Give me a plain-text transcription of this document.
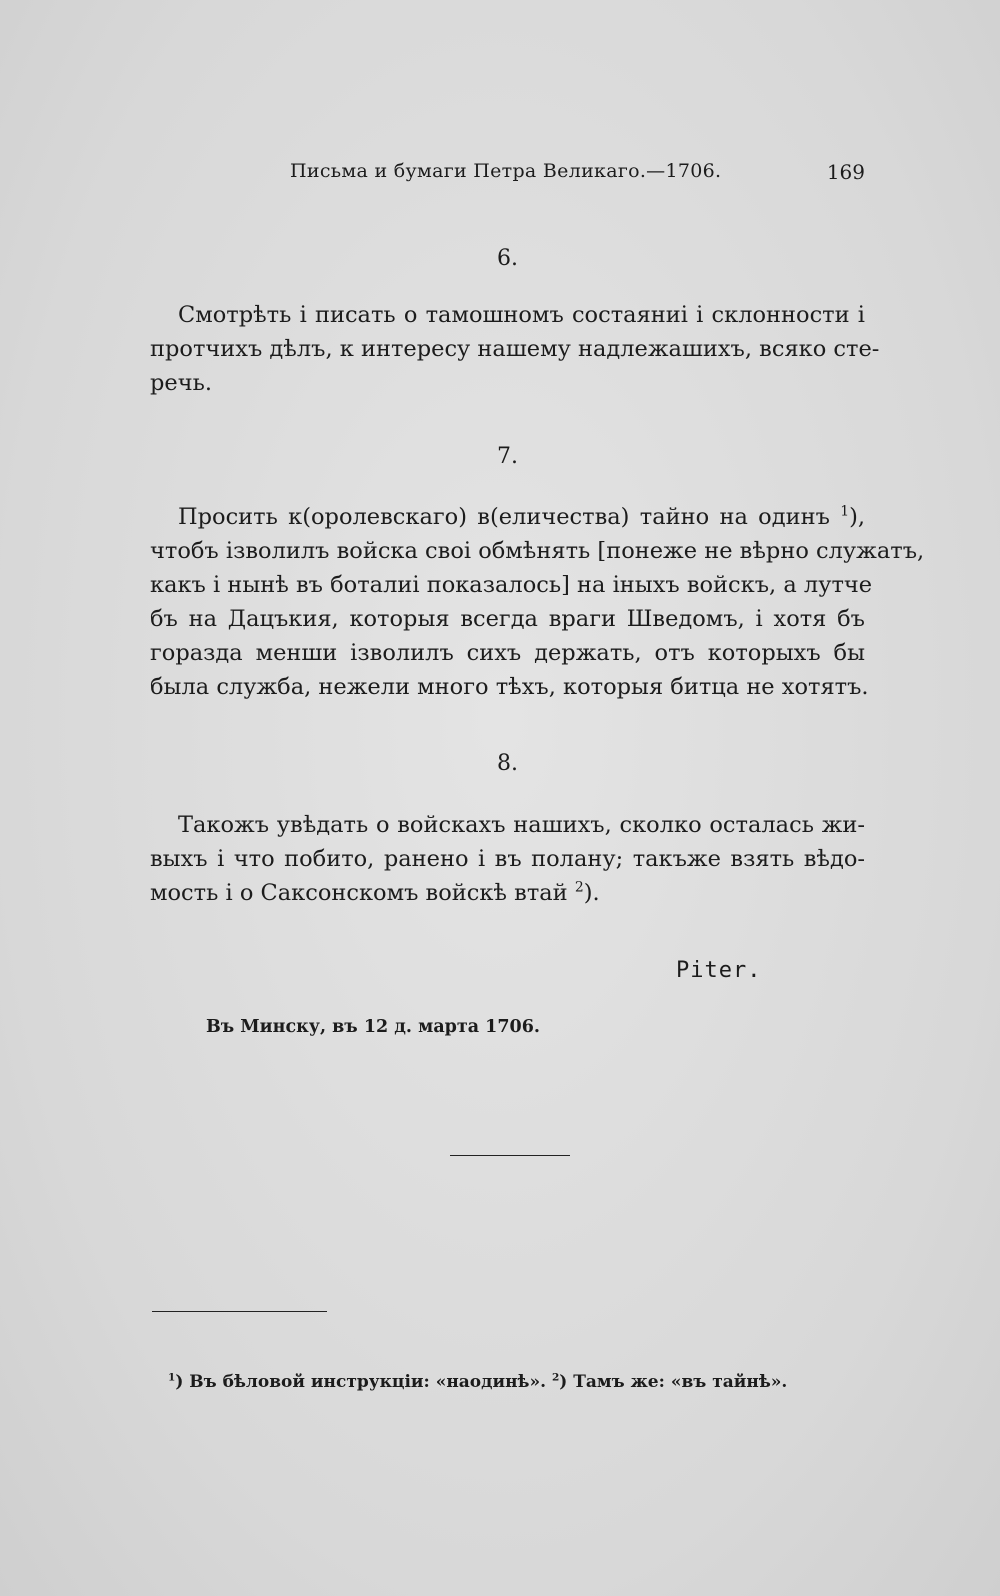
Письма и бумаги Петра Великаго.—1706.	169
6.
Смотрѣть і писать о тамошномъ состаяниі і склонности і
протчихъ дѣлъ, к интересу нашему надлежашихъ, всяко сте-
речь.
7.
Просить к(оролевскаго) в(еличества) тайно на одинъ $^1$),
чтобъ ізволилъ войска своі обмѣнять [понеже не вѣрно служатъ,
какъ і нынѣ въ боталиі показалось] на іныхъ войскъ, а лутче
бъ на Дацъкия, которыя всегда враги Шведомъ, і хотя бъ
горазда менши ізволилъ сихъ держать, отъ которыхъ бы
была служба, нежели много тѣхъ, которыя битца не хотятъ.
8.
Такожъ увѣдать о войскахъ нашихъ, сколко осталась жи-
выхъ і что побито, ранено і въ полану; такъже взять вѣдо-
мость і о Саксонскомъ войскѣ втай $^2$).
Piter.
Въ Минску, въ 12 д. марта 1706.
$^1$) Въ бѣловой инструкціи: «наодинѣ». $^2$) Тамъ же: «въ тайнѣ».
